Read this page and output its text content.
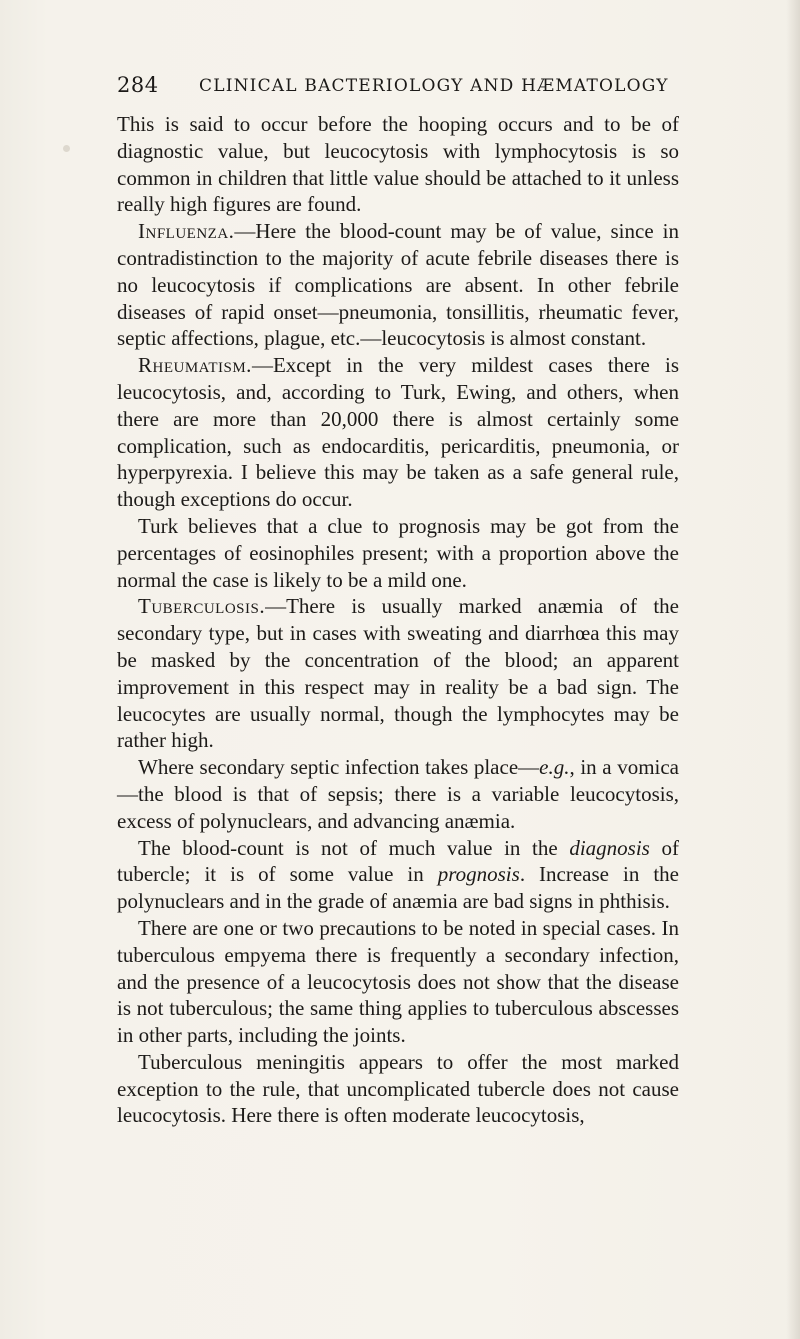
284 CLINICAL BACTERIOLOGY AND HÆMATOLOGY

This is said to occur before the hooping occurs and to be of diagnostic value, but leucocytosis with lymphocytosis is so common in children that little value should be attached to it unless really high figures are found.

Influenza.—Here the blood-count may be of value, since in contradistinction to the majority of acute febrile diseases there is no leucocytosis if complications are absent. In other febrile diseases of rapid onset—pneumonia, tonsillitis, rheumatic fever, septic affections, plague, etc.—leucocytosis is almost constant.

Rheumatism.—Except in the very mildest cases there is leucocytosis, and, according to Turk, Ewing, and others, when there are more than 20,000 there is almost certainly some complication, such as endocarditis, pericarditis, pneumonia, or hyperpyrexia. I believe this may be taken as a safe general rule, though exceptions do occur.

Turk believes that a clue to prognosis may be got from the percentages of eosinophiles present; with a proportion above the normal the case is likely to be a mild one.

Tuberculosis.—There is usually marked anæmia of the secondary type, but in cases with sweating and diarrhœa this may be masked by the concentration of the blood; an apparent improvement in this respect may in reality be a bad sign. The leucocytes are usually normal, though the lymphocytes may be rather high.

Where secondary septic infection takes place—e.g., in a vomica—the blood is that of sepsis; there is a variable leucocytosis, excess of polynuclears, and advancing anæmia.

The blood-count is not of much value in the diagnosis of tubercle; it is of some value in prognosis. Increase in the polynuclears and in the grade of anæmia are bad signs in phthisis.

There are one or two precautions to be noted in special cases. In tuberculous empyema there is frequently a secondary infection, and the presence of a leucocytosis does not show that the disease is not tuberculous; the same thing applies to tuberculous abscesses in other parts, including the joints.

Tuberculous meningitis appears to offer the most marked exception to the rule, that uncomplicated tubercle does not cause leucocytosis. Here there is often moderate leucocytosis,
